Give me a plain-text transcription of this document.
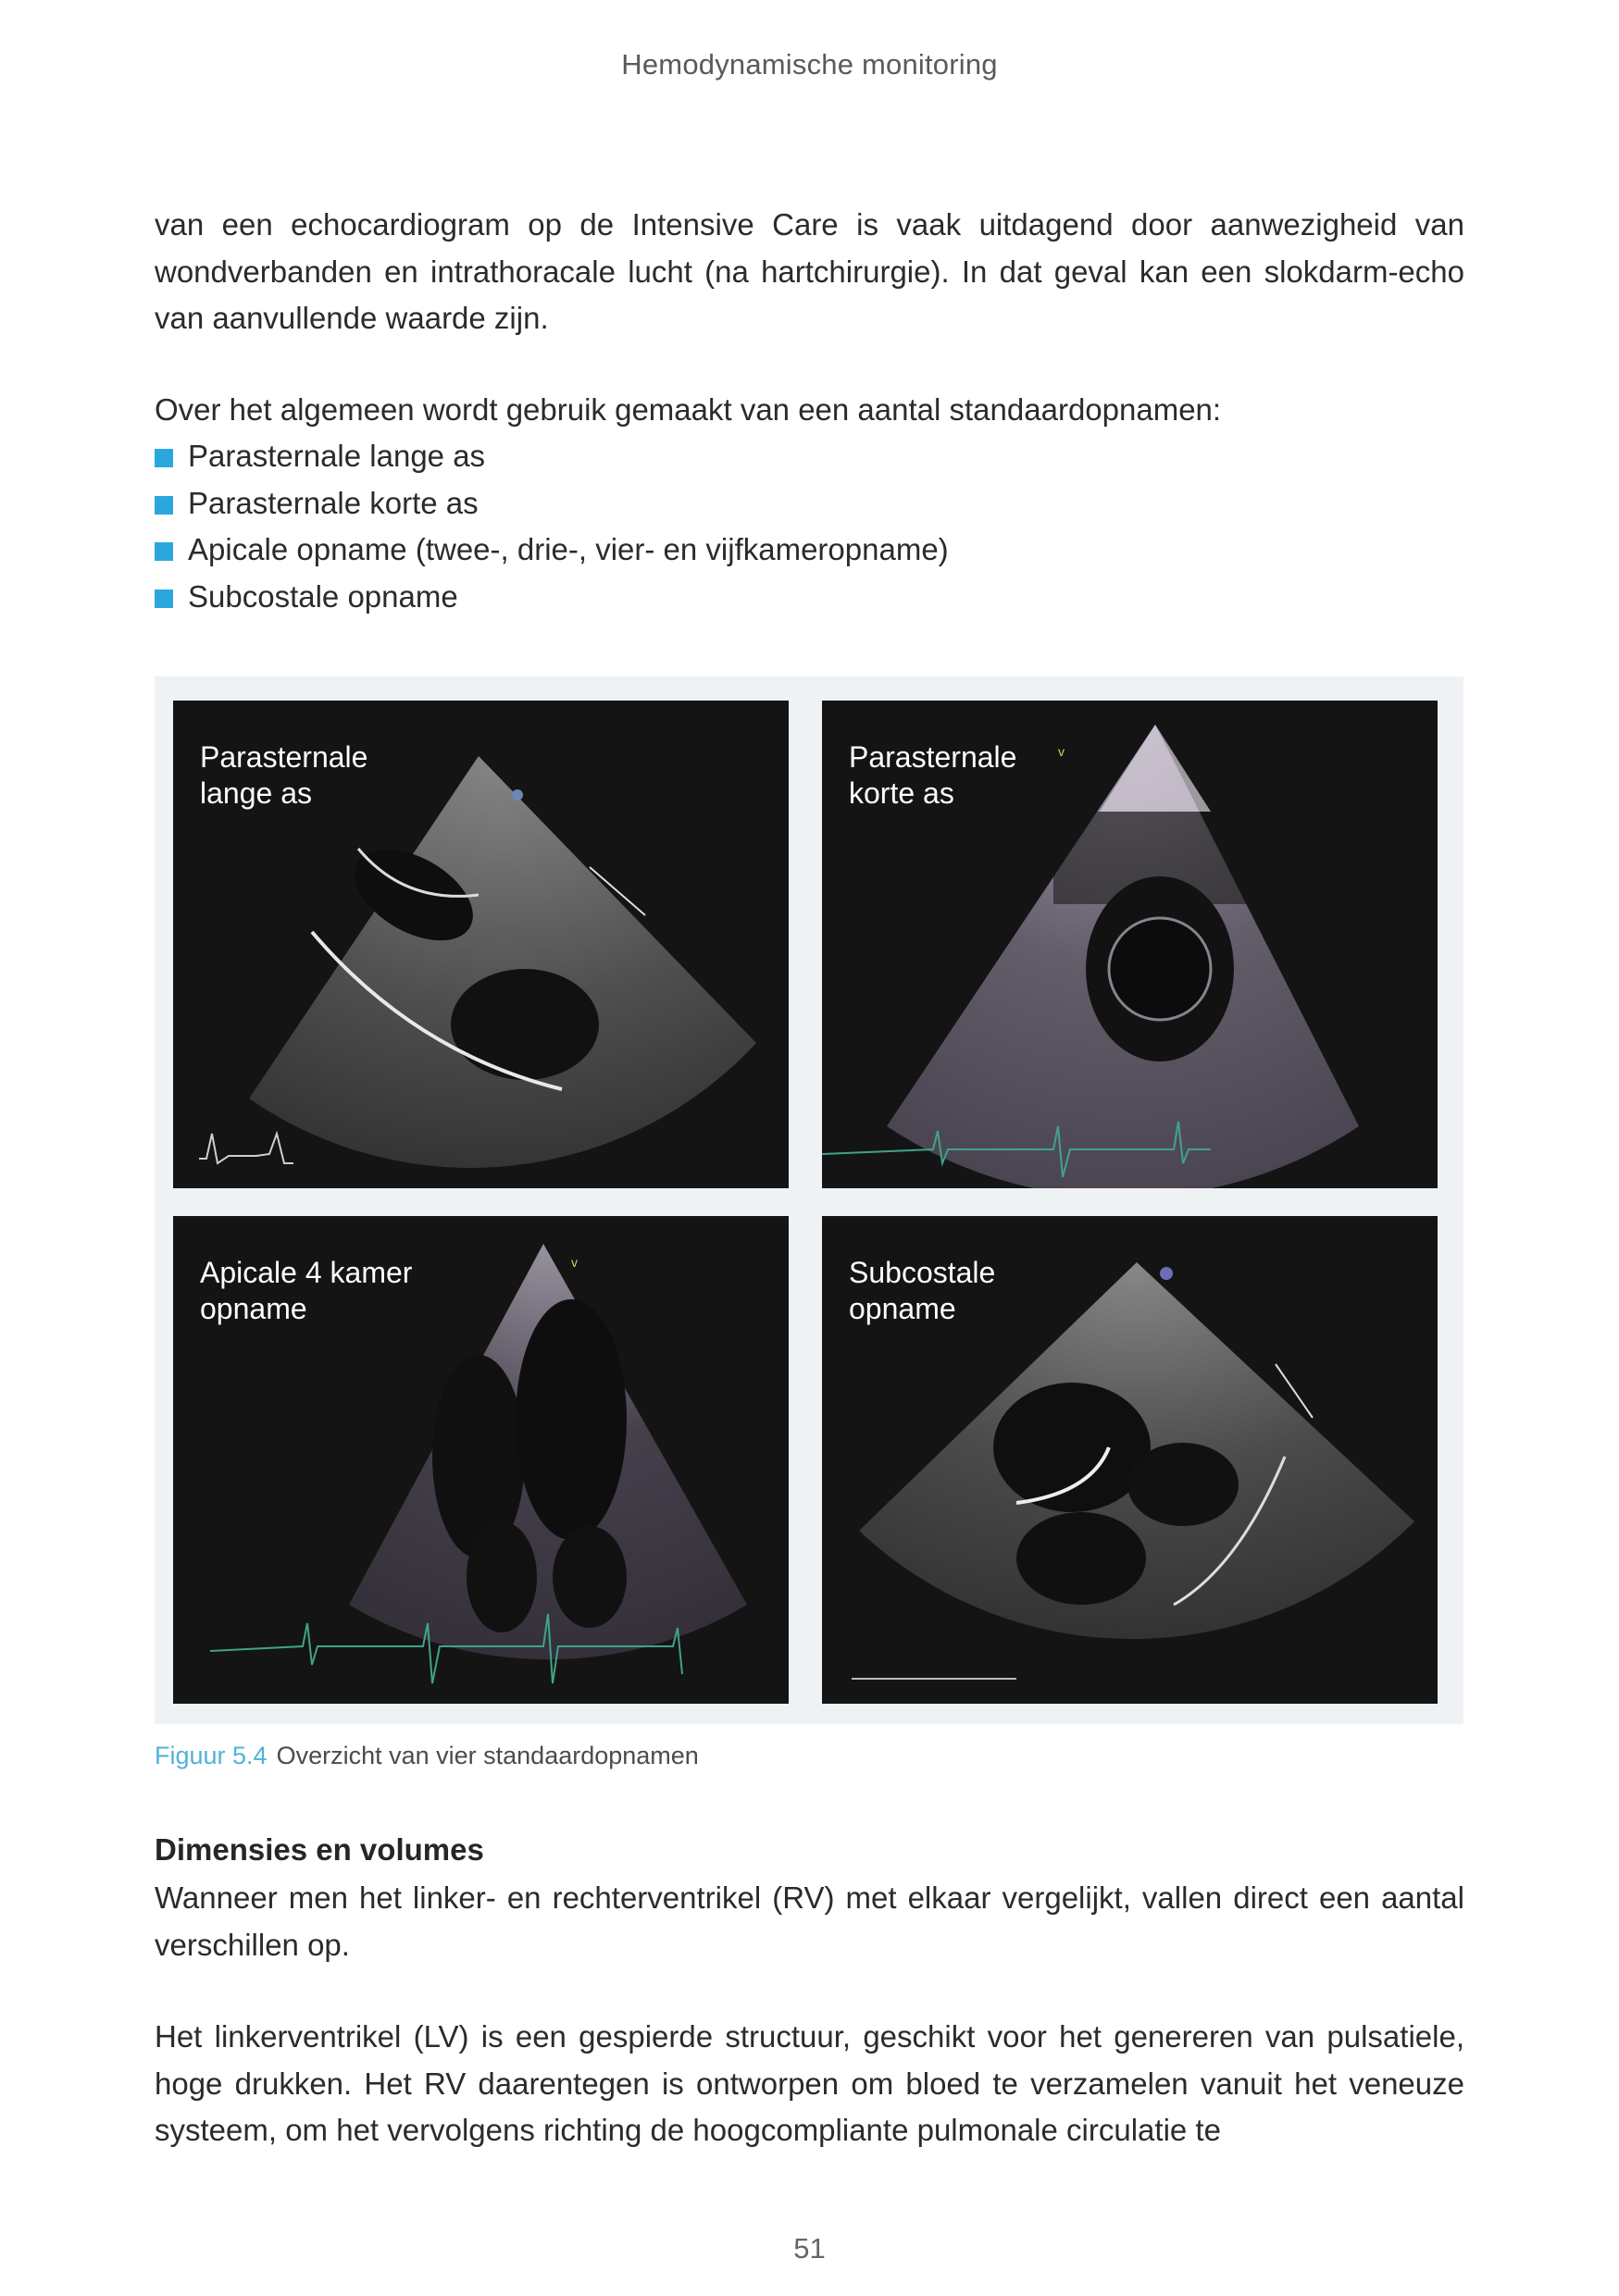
Hemodynamische monitoring

van een echocardiogram op de Intensive Care is vaak uitdagend door aanwezigheid van wondverbanden en intrathoracale lucht (na hartchirurgie). In dat geval kan een slokdarm-echo van aanvullende waarde zijn.

Over het algemeen wordt gebruik gemaakt van een aantal standaardopnamen:

Parasternale lange as
Parasternale korte as
Apicale opname (twee-, drie-, vier- en vijfkameropname)
Subcostale opname
Parasternale
lange as
v
Parasternale
korte as
v
Apicale 4 kamer
opname
Subcostale
opname
Figuur 5.4 Overzicht van vier standaardopnamen
Dimensies en volumes

Wanneer men het linker- en rechterventrikel (RV) met elkaar vergelijkt, vallen direct een aantal verschillen op.

Het linkerventrikel (LV) is een gespierde structuur, geschikt voor het genereren van pulsatiele, hoge drukken. Het RV daarentegen is ontworpen om bloed te verzamelen vanuit het veneuze systeem, om het vervolgens richting de hoogcompliante pulmonale circulatie te

51
